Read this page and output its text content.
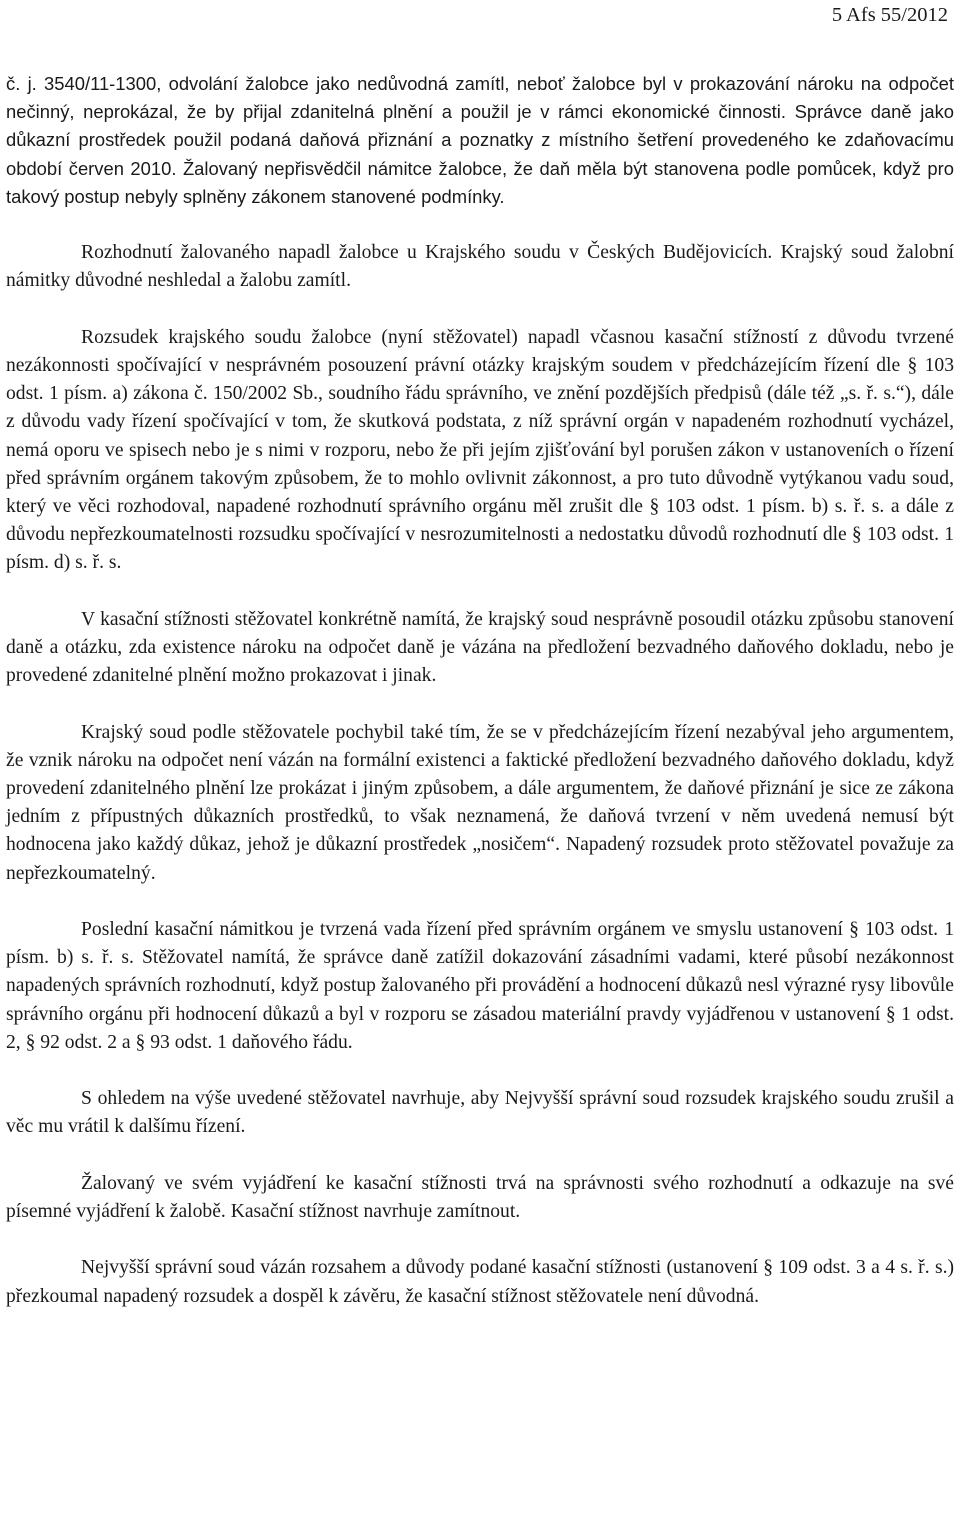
5 Afs 55/2012

č. j. 3540/11-1300, odvolání žalobce jako nedůvodná zamítl, neboť žalobce byl v prokazování nároku na odpočet nečinný, neprokázal, že by přijal zdanitelná plnění a použil je v rámci ekonomické činnosti. Správce daně jako důkazní prostředek použil podaná daňová přiznání a poznatky z místního šetření provedeného ke zdaňovacímu období červen 2010. Žalovaný nepřisvědčil námitce žalobce, že daň měla být stanovena podle pomůcek, když pro takový postup nebyly splněny zákonem stanovené podmínky.

Rozhodnutí žalovaného napadl žalobce u Krajského soudu v Českých Budějovicích. Krajský soud žalobní námitky důvodné neshledal a žalobu zamítl.

Rozsudek krajského soudu žalobce (nyní stěžovatel) napadl včasnou kasační stížností z důvodu tvrzené nezákonnosti spočívající v nesprávném posouzení právní otázky krajským soudem v předcházejícím řízení dle § 103 odst. 1 písm. a) zákona č. 150/2002 Sb., soudního řádu správního, ve znění pozdějších předpisů (dále též „s. ř. s.“), dále z důvodu vady řízení spočívající v tom, že skutková podstata, z níž správní orgán v napadeném rozhodnutí vycházel, nemá oporu ve spisech nebo je s nimi v rozporu, nebo že při jejím zjišťování byl porušen zákon v ustanoveních o řízení před správním orgánem takovým způsobem, že to mohlo ovlivnit zákonnost, a pro tuto důvodně vytýkanou vadu soud, který ve věci rozhodoval, napadené rozhodnutí správního orgánu měl zrušit dle § 103 odst. 1 písm. b) s. ř. s. a dále z důvodu nepřezkoumatelnosti rozsudku spočívající v nesrozumitelnosti a nedostatku důvodů rozhodnutí dle § 103 odst. 1 písm. d) s. ř. s.

V kasační stížnosti stěžovatel konkrétně namítá, že krajský soud nesprávně posoudil otázku způsobu stanovení daně a otázku, zda existence nároku na odpočet daně je vázána na předložení bezvadného daňového dokladu, nebo je provedené zdanitelné plnění možno prokazovat i jinak.

Krajský soud podle stěžovatele pochybil také tím, že se v předcházejícím řízení nezabýval jeho argumentem, že vznik nároku na odpočet není vázán na formální existenci a faktické předložení bezvadného daňového dokladu, když provedení zdanitelného plnění lze prokázat i jiným způsobem, a dále argumentem, že daňové přiznání je sice ze zákona jedním z přípustných důkazních prostředků, to však neznamená, že daňová tvrzení v něm uvedená nemusí být hodnocena jako každý důkaz, jehož je důkazní prostředek „nosičem“. Napadený rozsudek proto stěžovatel považuje za nepřezkoumatelný.

Poslední kasační námitkou je tvrzená vada řízení před správním orgánem ve smyslu ustanovení § 103 odst. 1 písm. b) s. ř. s. Stěžovatel namítá, že správce daně zatížil dokazování zásadními vadami, které působí nezákonnost napadených správních rozhodnutí, když postup žalovaného při provádění a hodnocení důkazů nesl výrazné rysy libovůle správního orgánu při hodnocení důkazů a byl v rozporu se zásadou materiální pravdy vyjádřenou v ustanovení § 1 odst. 2, § 92 odst. 2 a § 93 odst. 1 daňového řádu.

S ohledem na výše uvedené stěžovatel navrhuje, aby Nejvyšší správní soud rozsudek krajského soudu zrušil a věc mu vrátil k dalšímu řízení.

Žalovaný ve svém vyjádření ke kasační stížnosti trvá na správnosti svého rozhodnutí a odkazuje na své písemné vyjádření k žalobě. Kasační stížnost navrhuje zamítnout.

Nejvyšší správní soud vázán rozsahem a důvody podané kasační stížnosti (ustanovení § 109 odst. 3 a 4 s. ř. s.) přezkoumal napadený rozsudek a dospěl k závěru, že kasační stížnost stěžovatele není důvodná.
